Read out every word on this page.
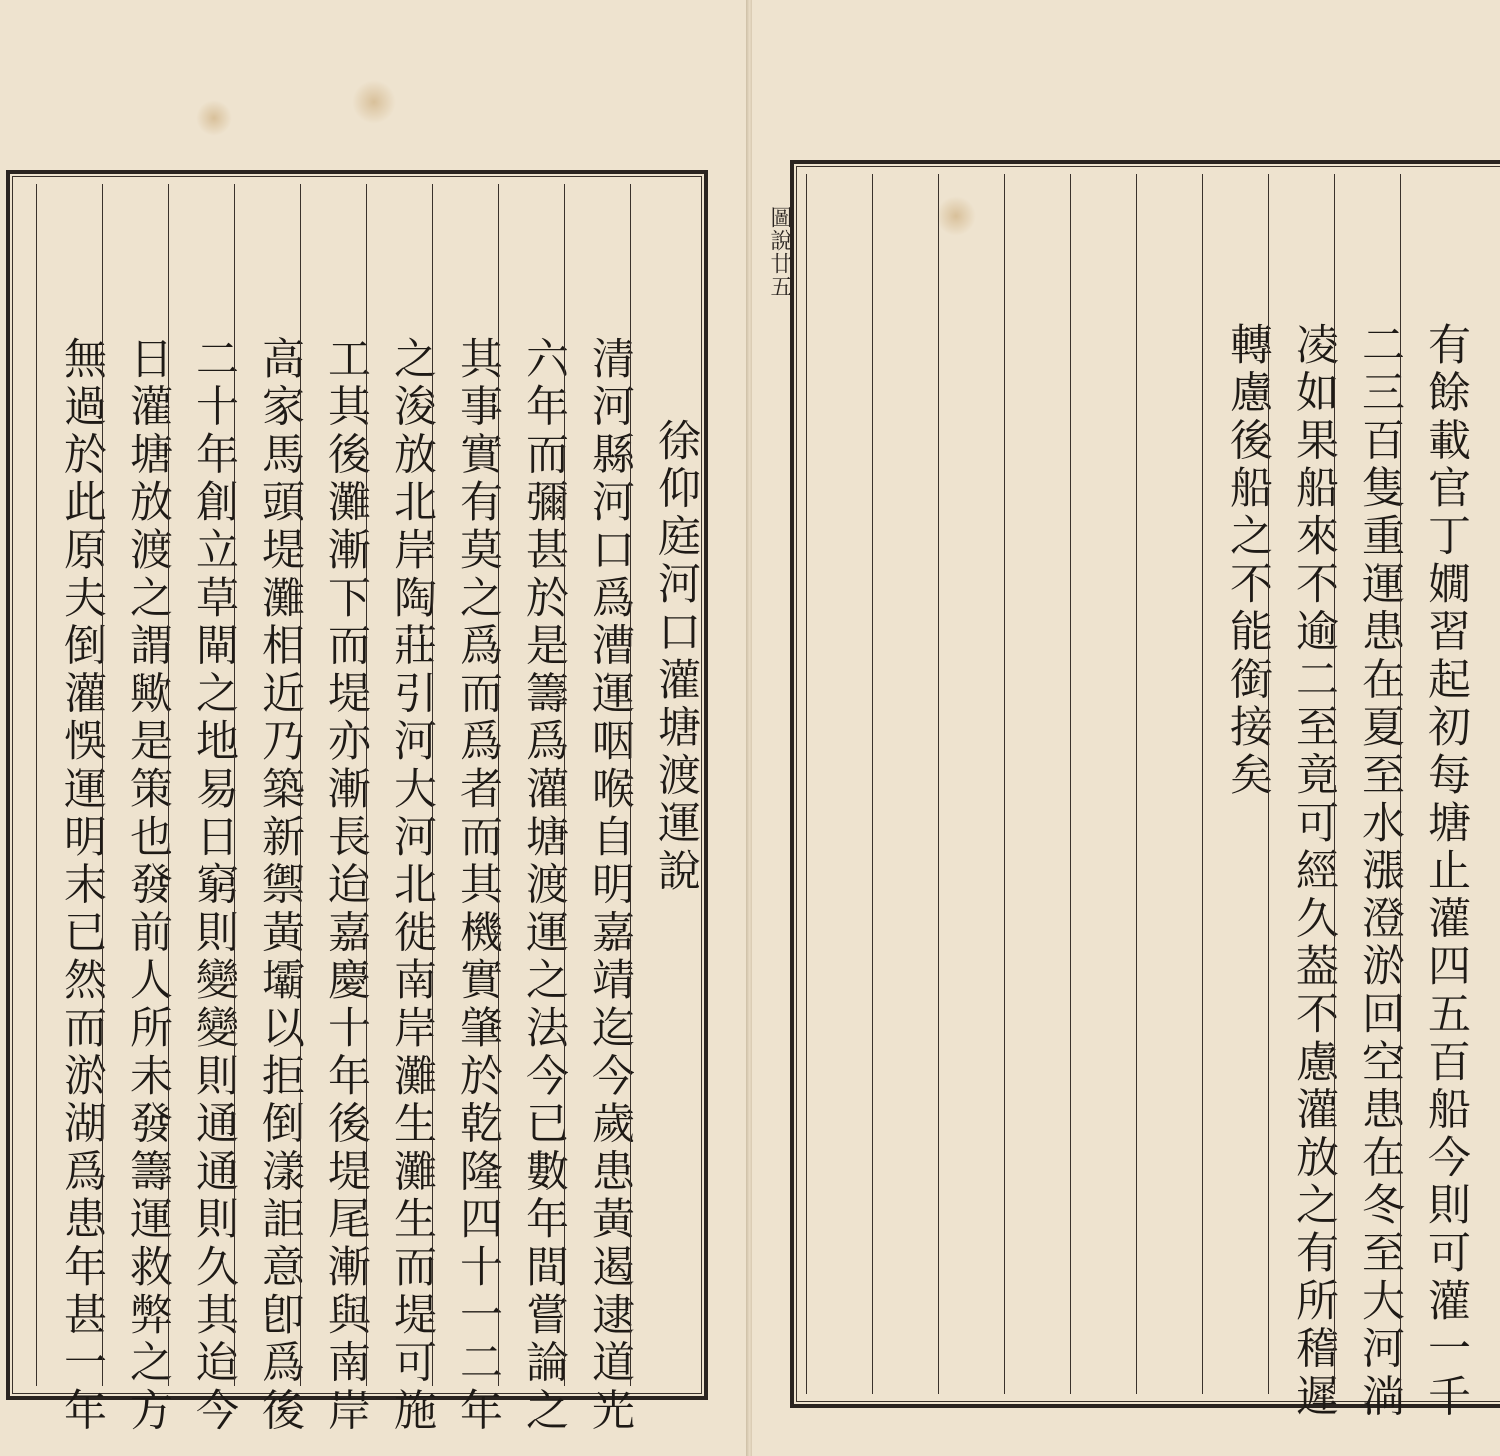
無過於此原夫倒灌悞運明末已然而淤湖爲患年甚一年 日灌塘放渡之謂歟是策也發前人所未發籌運救弊之方 二十年創立草閘之地易日窮則變變則通通則久其迨今 高家馬頭堤灘相近乃築新禦黃壩以拒倒漾詎意卽爲後 工其後灘漸下而堤亦漸長迨嘉慶十年後堤尾漸與南岸 之浚放北岸陶莊引河大河北徙南岸灘生灘生而堤可施 其事實有莫之爲而爲者而其機實肇於乾隆四十一二年 六年而彌甚於是籌爲灌塘渡運之法今已數年間嘗論之 清河縣河口爲漕運咽喉自明嘉靖迄今歲患黃遏逮道光 徐仰庭河口灌塘渡運說
圖說廿五
轉慮後船之不能銜接矣 凌如果船來不逾二至竟可經久葢不慮灌放之有所稽遲 二三百隻重運患在夏至水漲澄淤回空患在冬至大河淌 有餘載官丁嫺習起初每塘止灌四五百船今則可灌一千
